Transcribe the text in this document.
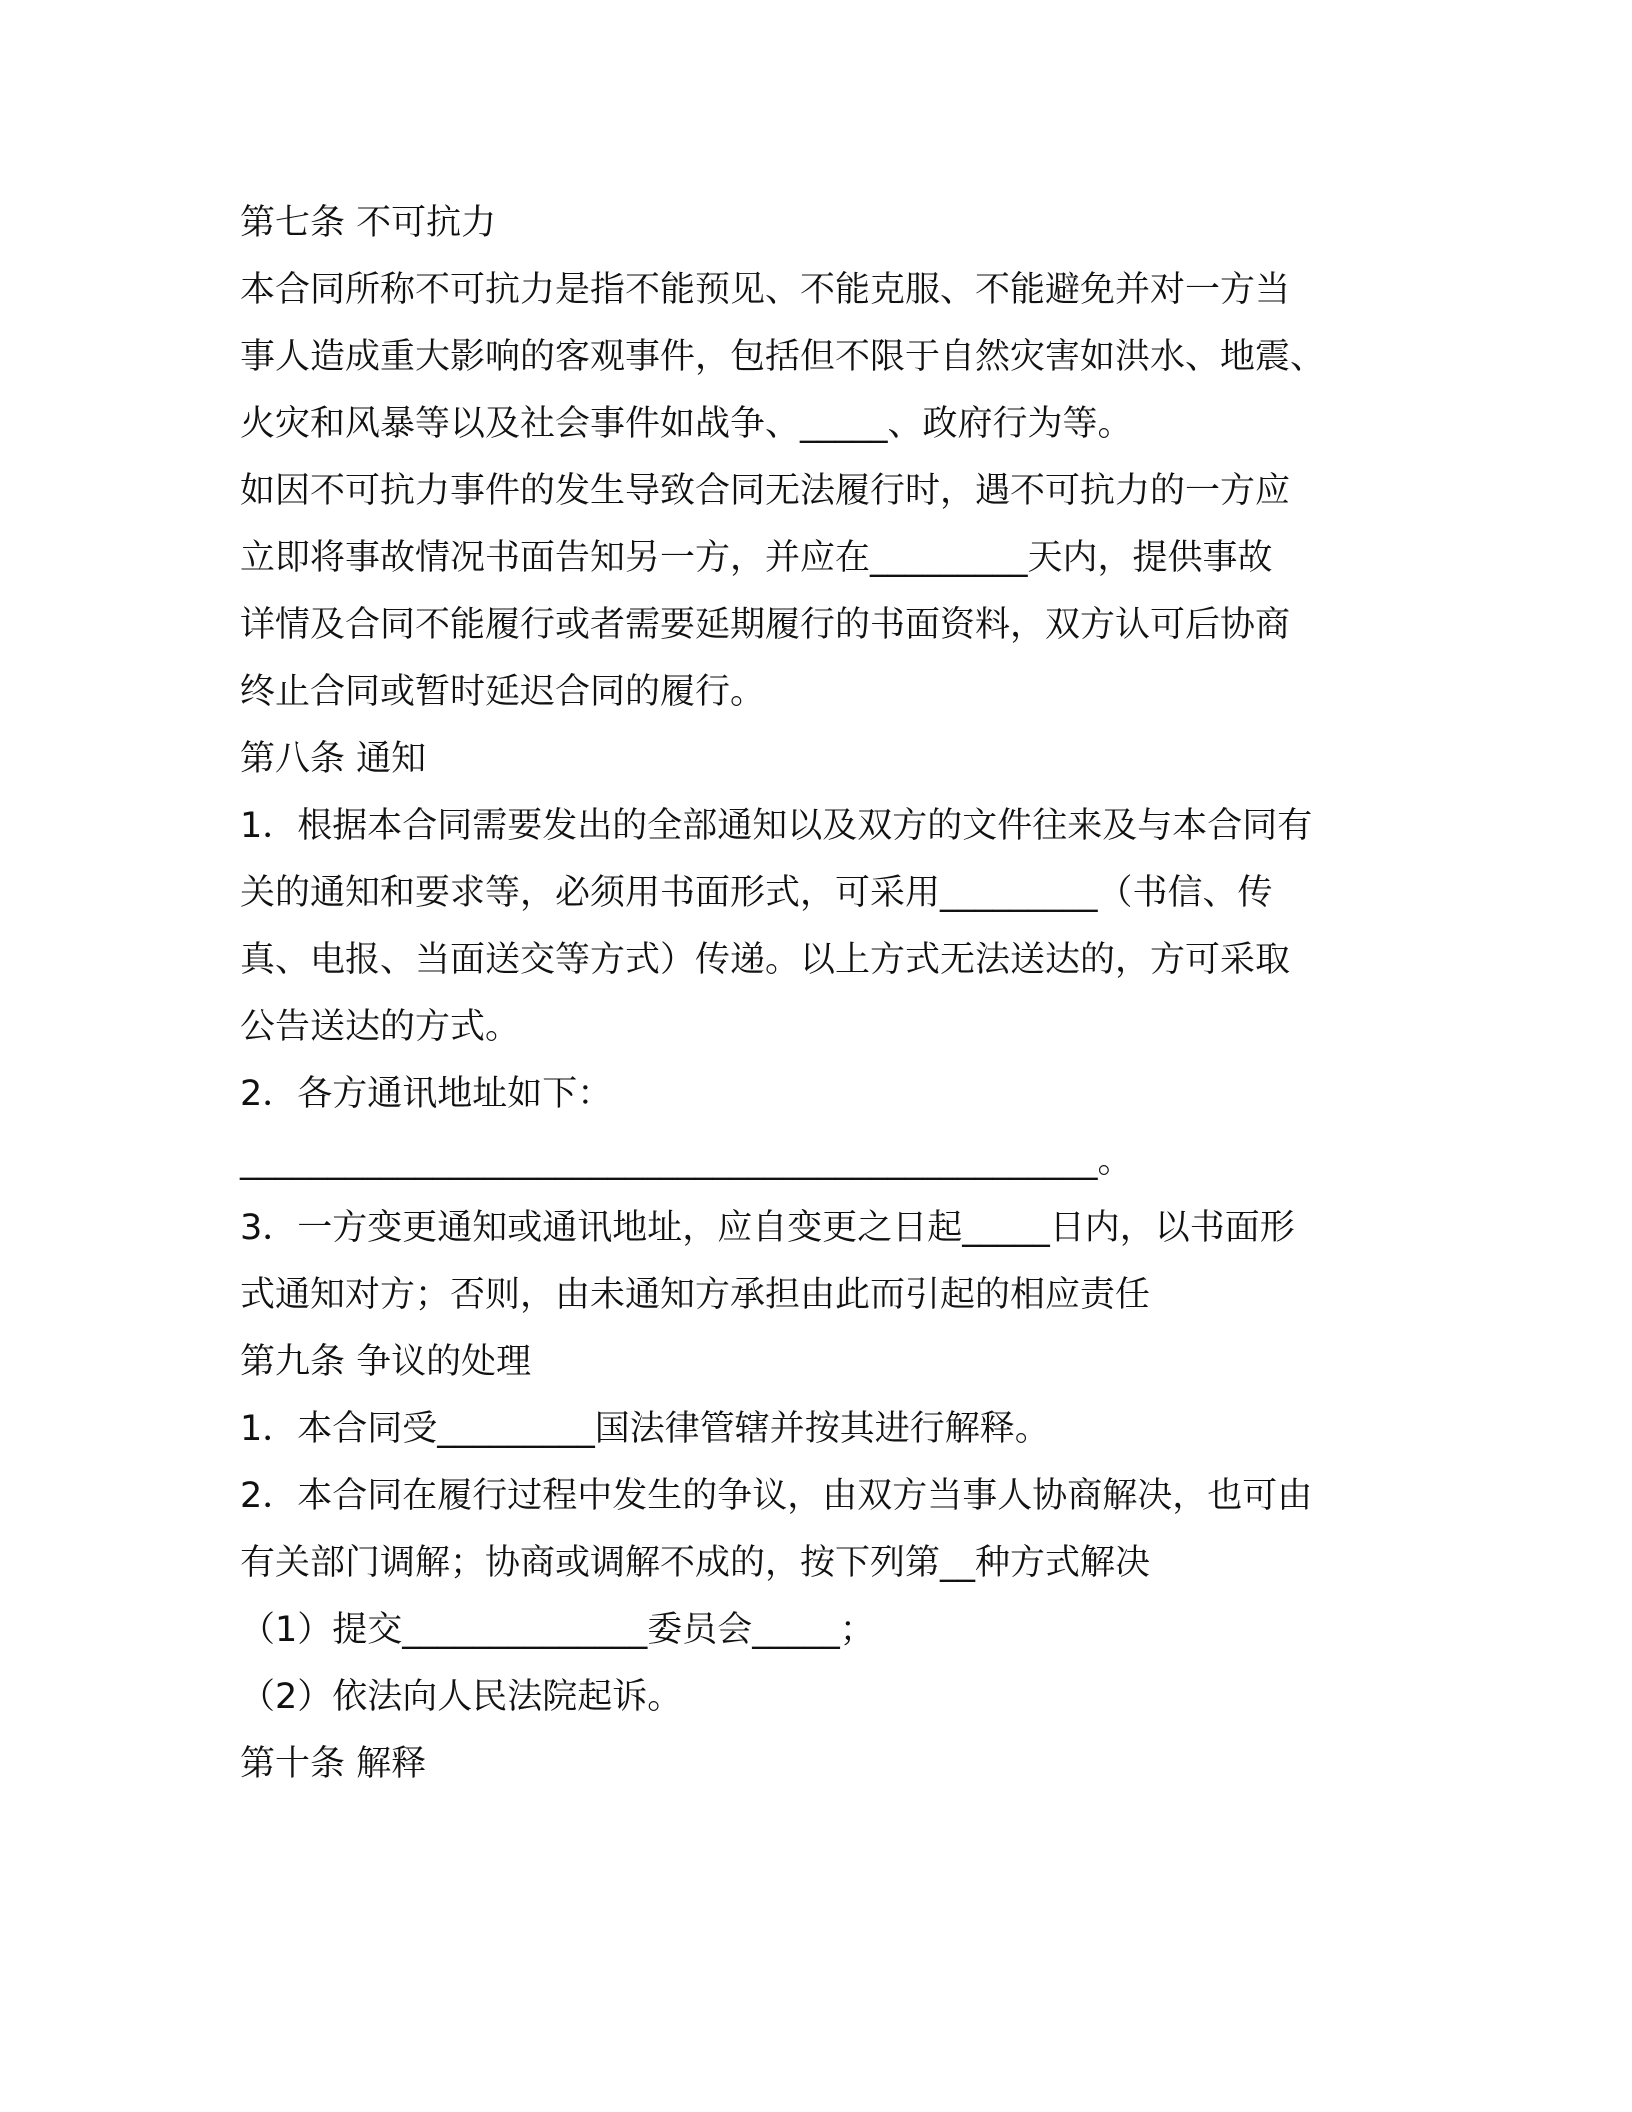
第七条 不可抗力
本合同所称不可抗力是指不能预见、不能克服、不能避免并对一方当
事人造成重大影响的客观事件，包括但不限于自然灾害如洪水、地震、
火灾和风暴等以及社会事件如战争、_____、政府行为等。
如因不可抗力事件的发生导致合同无法履行时，遇不可抗力的一方应
立即将事故情况书面告知另一方，并应在_________天内，提供事故
详情及合同不能履行或者需要延期履行的书面资料，双方认可后协商
终止合同或暂时延迟合同的履行。
第八条 通知
1．根据本合同需要发出的全部通知以及双方的文件往来及与本合同有
关的通知和要求等，必须用书面形式，可采用_________（书信、传
真、电报、当面送交等方式）传递。以上方式无法送达的，方可采取
公告送达的方式。
2．各方通讯地址如下：
_________________________________________________。
3．一方变更通知或通讯地址，应自变更之日起_____日内，以书面形
式通知对方；否则，由未通知方承担由此而引起的相应责任
第九条 争议的处理
1．本合同受_________国法律管辖并按其进行解释。
2．本合同在履行过程中发生的争议，由双方当事人协商解决，也可由
有关部门调解；协商或调解不成的，按下列第__种方式解决
（1）提交______________委员会_____；
（2）依法向人民法院起诉。
第十条 解释
